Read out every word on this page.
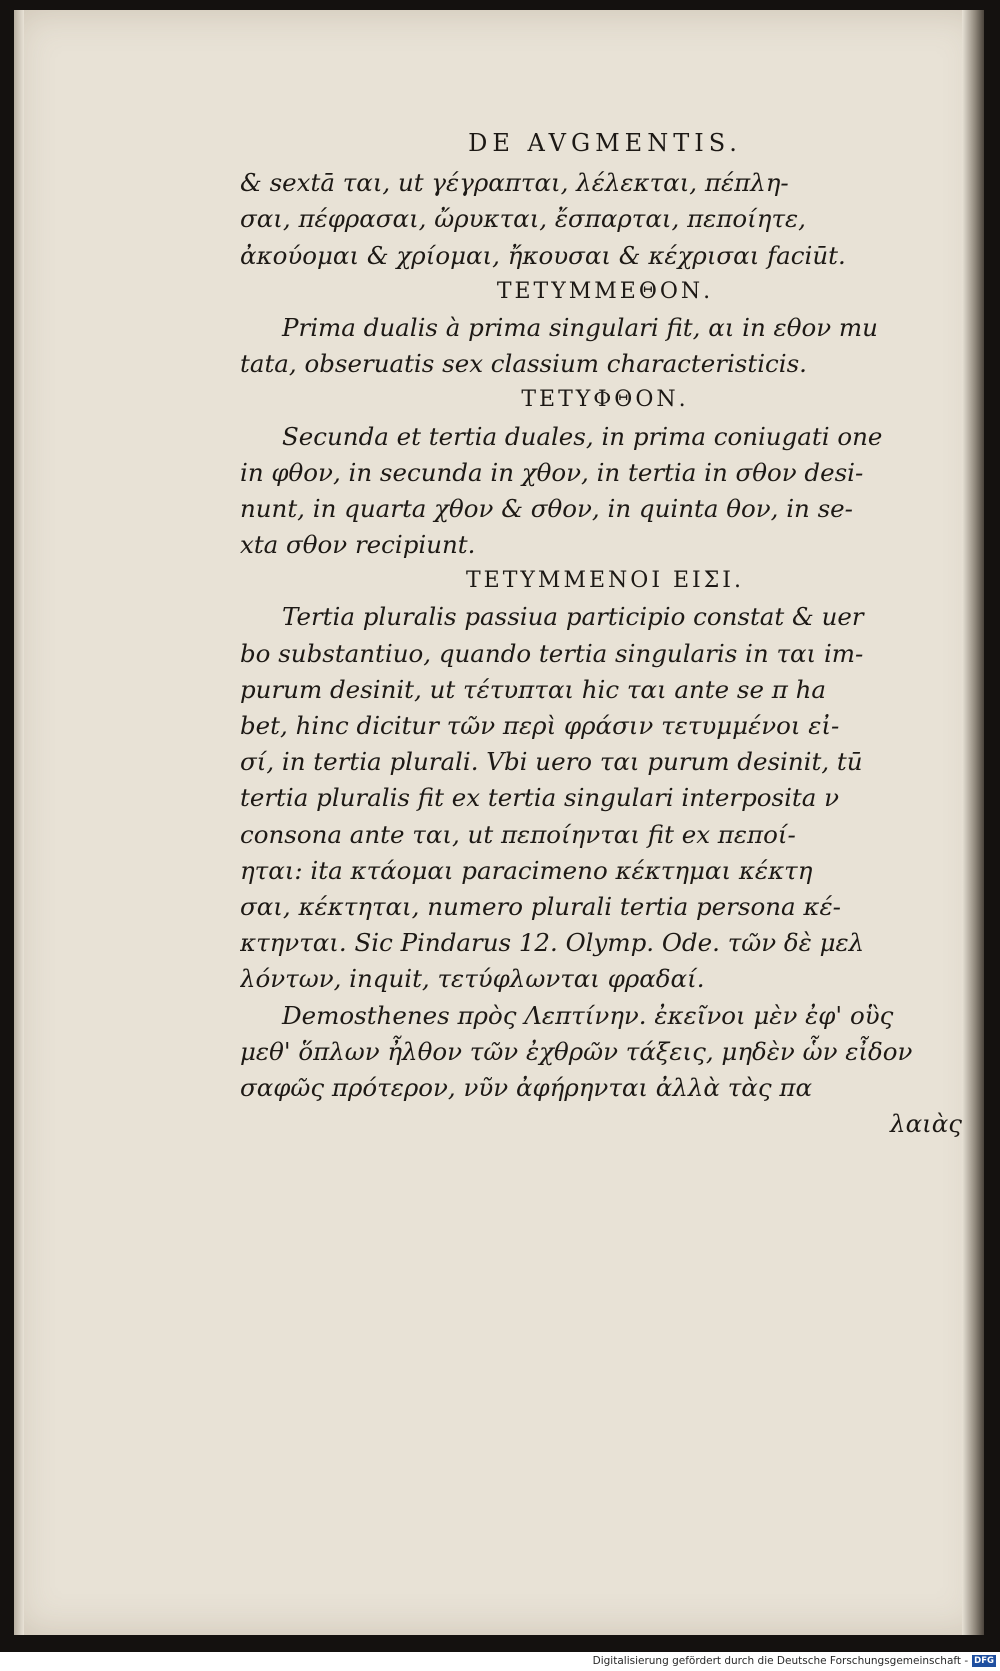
DE AVGMENTIS.
& sextā ται, ut γέγραπται, λέλεκται, πέπλη-
σαι, πέφρασαι, ὤρυκται, ἔσπαρται, πεποίητε,
ἀκούομαι & χρίομαι, ἤκουσαι & κέχρισαι faciūt.
ΤΕΤΥΜΜΕΘΟΝ.
Prima dualis à prima singulari fit, αι in εθον mu
tata, obseruatis sex classium characteristicis.
ΤΕΤΥΦΘΟΝ.
Secunda et tertia duales, in prima coniugati one
in φθον, in secunda in χθον, in tertia in σθον desi-
nunt, in quarta χθον & σθον, in quinta θον, in se-
xta σθον recipiunt.
ΤΕΤΥΜΜΕΝΟΙ ΕΙΣΙ.
Tertia pluralis passiua participio constat & uer
bo substantiuo, quando tertia singularis in ται im-
purum desinit, ut τέτυπται hic ται ante se π ha
bet, hinc dicitur τῶν περὶ φράσιν τετυμμένοι εἰ-
σί, in tertia plurali. Vbi uero ται purum desinit, tū
tertia pluralis fit ex tertia singulari interposita ν
consona ante ται, ut πεποίηνται fit ex πεποί-
ηται: ita κτάομαι paracimeno κέκτημαι κέκτη
σαι, κέκτηται, numero plurali tertia persona κέ-
κτηνται. Sic Pindarus 12. Olymp. Ode. τῶν δὲ μελ
λόντων, inquit, τετύφλωνται φραδαί.
Demosthenes πρὸς Λεπτίνην. ἐκεῖνοι μὲν ἐφ' οὓς
μεθ' ὅπλων ἦλθον τῶν ἐχθρῶν τάξεις, μηδὲν ὧν εἶδον
σαφῶς πρότερον, νῦν ἀφήρηνται ἀλλὰ τὰς πα
λαιὰς
Digitalisierung gefördert durch die Deutsche Forschungsgemeinschaft - DFG
